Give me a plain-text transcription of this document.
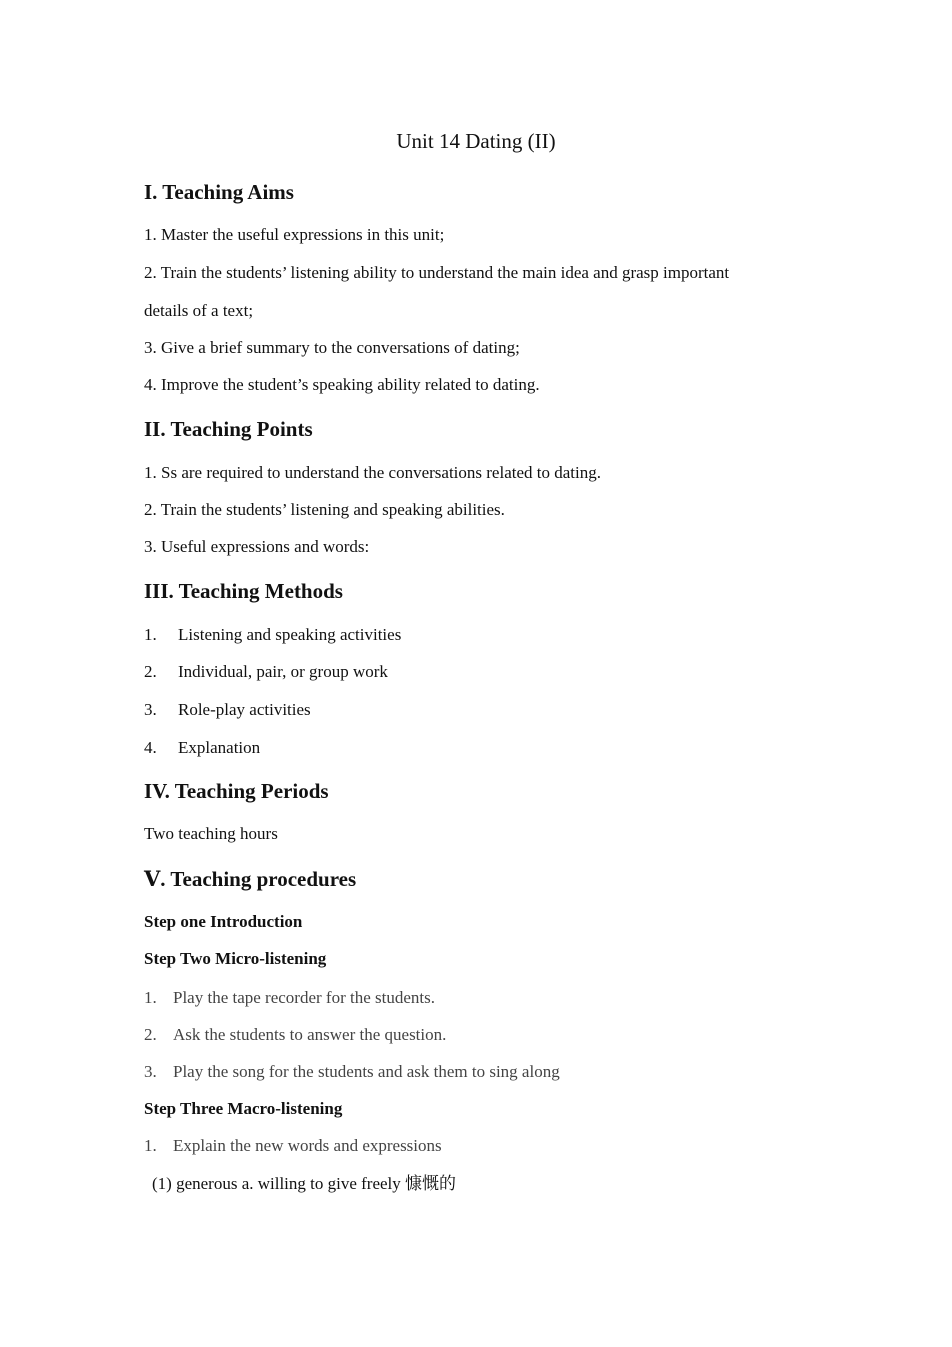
Unit 14 Dating (II)
I. Teaching Aims
1. Master the useful expressions in this unit;
2. Train the students’ listening ability to understand the main idea and grasp important
details of a text;
3. Give a brief summary to the conversations of dating;
4. Improve the student’s speaking ability related to dating.
II. Teaching Points
1. Ss are required to understand the conversations related to dating.
2. Train the students’ listening and speaking abilities.
3. Useful expressions and words:
III. Teaching Methods
1. Listening and speaking activities
2. Individual, pair, or group work
3. Role-play activities
4. Explanation
IV. Teaching Periods
Two teaching hours
Ⅴ. Teaching procedures
Step one Introduction
Step Two Micro-listening
1. Play the tape recorder for the students.
2. Ask the students to answer the question.
3. Play the song for the students and ask them to sing along
Step Three Macro-listening
1. Explain the new words and expressions
(1) generous a. willing to give freely 慷慨的
